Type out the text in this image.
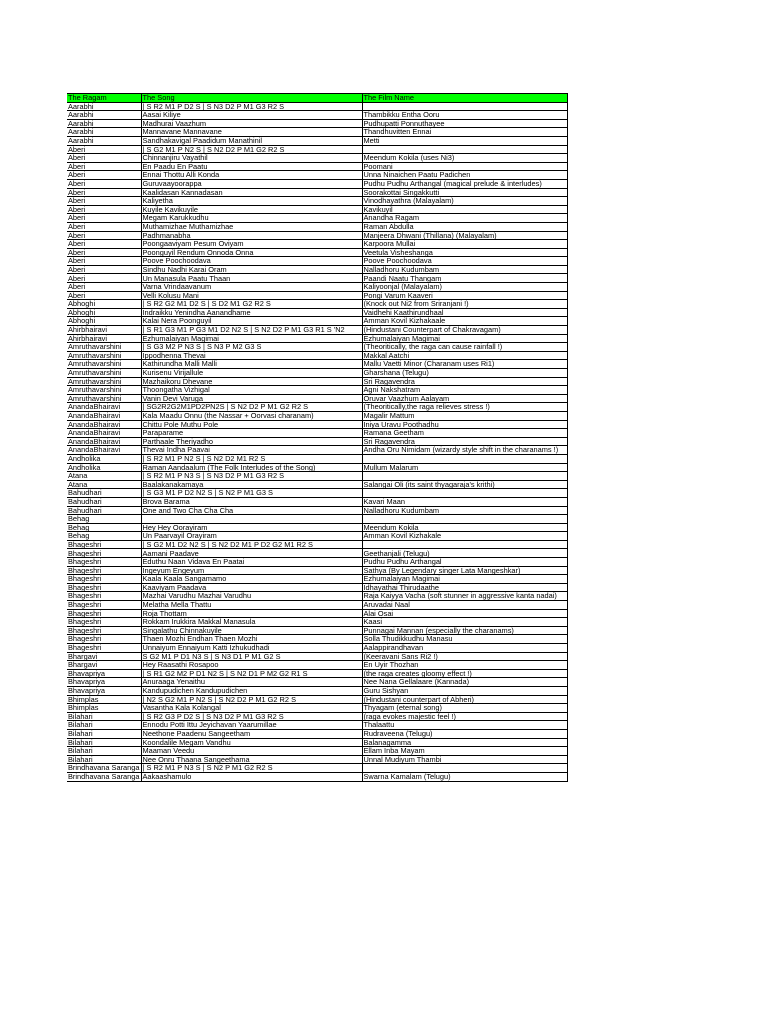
The Ragam	The Song	The Film Name
Aarabhi	| S R2 M1 P D2 S | S N3 D2 P M1 G3 R2 S	
Aarabhi	Aasai Kiliye	Thambikku Entha Ooru
Aarabhi	Madhurai Vaazhum	Pudhupatti Ponnuthayee
Aarabhi	Mannavane Mannavane	Thandhuvitten Ennai
Aarabhi	Sandhakavigal Paadidum Manathinil	Metti
Aberi	| S G2 M1 P N2 S | S N2 D2 P M1 G2 R2 S	
Aberi	Chinnanjiru Vayathil	Meendum Kokila (uses Ni3)
Aberi	En Paadu En Paatu	Poomani
Aberi	Ennai Thottu Alli Konda	Unna Ninaichen Paatu Padichen
Aberi	Guruvaayoorappa	Pudhu Pudhu Arthangal (magical prelude & interludes)
Aberi	Kaalidasan Kannadasan	Soorakottai Singakkutti
Aberi	Kaliyetha	Vinodhayathra (Malayalam)
Aberi	Kuyile Kavikuyile	Kavikuyil
Aberi	Megam Karukkudhu	Anandha Ragam
Aberi	Muthamizhae Muthamizhae	Raman Abdulla
Aberi	Padhmanabha	Manjeera Dhwani (Thillana) (Malayalam)
Aberi	Poongaaviyam Pesum Oviyam	Karpoora Mullai
Aberi	Poonguyil Rendum Onnoda Onna	Veetula Visheshanga
Aberi	Poove Poochoodava	Poove Poochoodava
Aberi	Sindhu Nadhi Karai Oram	Nalladhoru Kudumbam
Aberi	Un Manasula Paatu Thaan	Paandi Naatu Thangam
Aberi	Varna Vrindaavanum	Kaliyoonjal (Malayalam)
Aberi	Velli Kolusu Mani	Pongi Varum Kaaveri
Abhoghi	| S R2 G2 M1 D2 S | S D2 M1 G2 R2 S	(Knock out Ni2 from Sriranjani !)
Abhoghi	Indraikku Yenindha Aanandhame	Vaidhehi Kaathirundhaal
Abhoghi	Kalai Nera Poonguyil	Amman Kovil Kizhakaale
Ahirbhairavi	| S R1 G3 M1 P G3 M1 D2 N2 S | S N2 D2 P M1 G3 R1 S 'N2	(Hindustani Counterpart of Chakravagam)
Ahirbhairavi	Ezhumalaiyan Magimai	Ezhumalaiyan Magimai
Amruthavarshini	| S G3 M2 P N3 S | S N3 P M2 G3 S	(Theoritically, the raga can cause rainfall !)
Amruthavarshini	Ippodhenna Thevai	Makkal Aatchi
Amruthavarshini	Kathirundha Malli Malli	Mallu Vaetti Minor (Charanam uses Ri1)
Amruthavarshini	Kurisenu Virijallule	Gharshana (Telugu)
Amruthavarshini	Mazhaikoru Dhevane	Sri Ragavendra
Amruthavarshini	Thoongatha Vizhigal	Agni Nakshatram
Amruthavarshini	Vanin Devi Varuga	Oruvar Vaazhum Aalayam
AnandaBhairavi	| SG2R2G2M1PD2PN2S | S N2 D2 P M1 G2 R2 S	(Theoritically,the raga relieves stress !)
AnandaBhairavi	Kala Maadu Onnu (the Nassar + Oorvasi charanam)	Magalir Mattum
AnandaBhairavi	Chittu Pole Muthu Pole	Iniya Uravu Poothadhu
AnandaBhairavi	Paraparame	Ramana Geetham
AnandaBhairavi	Parthaale Theriyadho	Sri Ragavendra
AnandaBhairavi	Thevai Indha Paavai	Andha Oru Nimidam (wizardy style shift in the charanams !)
Andholika	| S R2 M1 P N2 S | S N2 D2 M1 R2 S	
Andholika	Raman Aandaalum (The Folk Interludes of the Song)	Mullum Malarum
Atana	| S R2 M1 P N3 S | S N3 D2 P M1 G3 R2 S	
Atana	Baalakanakamaya	Salangai Oli (its saint thyagaraja's krithi)
Bahudhari	| S G3 M1 P D2 N2 S | S N2 P M1 G3 S	
Bahudhari	Brova Barama	Kavari Maan
Bahudhari	One and Two Cha Cha Cha	Nalladhoru Kudumbam
Behag		
Behag	Hey Hey Oorayiram	Meendum Kokila
Behag	Un Paarvayil Orayiram	Amman Kovil Kizhakale
Bhageshri	| S G2 M1 D2 N2 S | S N2 D2 M1 P D2 G2 M1 R2 S	
Bhageshri	Aamani Paadave	Geethanjali (Telugu)
Bhageshri	Eduthu Naan Vidava En Paatai	Pudhu Pudhu Arthangal
Bhageshri	Ingeyum Engeyum	Sathya (By Legendary singer Lata Mangeshkar)
Bhageshri	Kaala Kaala Sangamamo	Ezhumalaiyan Magimai
Bhageshri	Kaaviyam Paadava	Idhayathai Thirudaathe
Bhageshri	Mazhai Varudhu Mazhai Varudhu	Raja Kaiyya Vacha (soft stunner in aggressive kanta nadai)
Bhageshri	Melatha Mella Thattu	Aruvadai Naal
Bhageshri	Roja Thottam	Alai Osai
Bhageshri	Rokkam Irukkira Makkal Manasula	Kaasi
Bhageshri	Singalathu Chinnakuyile	Punnagai Mannan (especially the charanams)
Bhageshri	Thaen Mozhi Endhan Thaen Mozhi	Solla Thudikkudhu Manasu
Bhageshri	Unnaiyum Ennaiyum Katti Izhukudhadi	Aalappirandhavan
Bhargavi	S G2 M1 P D1 N3 S | S N3 D1 P M1 G2 S	(Keeravani Sans Ri2 !)
Bhargavi	Hey Raasathi Rosapoo	En Uyir Thozhan
Bhavapriya	| S R1 G2 M2 P D1 N2 S | S N2 D1 P M2 G2 R1 S	(the raga creates gloomy effect !)
Bhavapriya	Anuraaga Yenaithu	Nee Nana Gellalaare (Kannada)
Bhavapriya	Kandupudichen Kandupudichen	Guru Sishyan
Bhimplas	| N2 S G2 M1 P N2 S | S N2 D2 P M1 G2 R2 S	(Hindustani counterpart of Abheri)
Bhimplas	Vasantha Kala Kolangal	Thyagam (eternal song)
Bilahari	| S R2 G3 P D2 S | S N3 D2 P M1 G3 R2 S	(raga evokes majestic feel !)
Bilahari	Ennodu Potti Ittu Jeyichavan Yaarumillae	Thalaattu
Bilahari	Neethone Paadenu Sangeetham	Rudraveena (Telugu)
Bilahari	Koondalile Megam Vandhu	Balanagamma
Bilahari	Maaman Veedu	Ellam Inba Mayam
Bilahari	Nee Onru Thaana Sangeethama	Unnal Mudiyum Thambi
Brindhavana Saranga	| S R2 M1 P N3 S | S N2 P M1 G2 R2 S	
Brindhavana Saranga	Aakaashamulo	Swarna Kamalam (Telugu)
